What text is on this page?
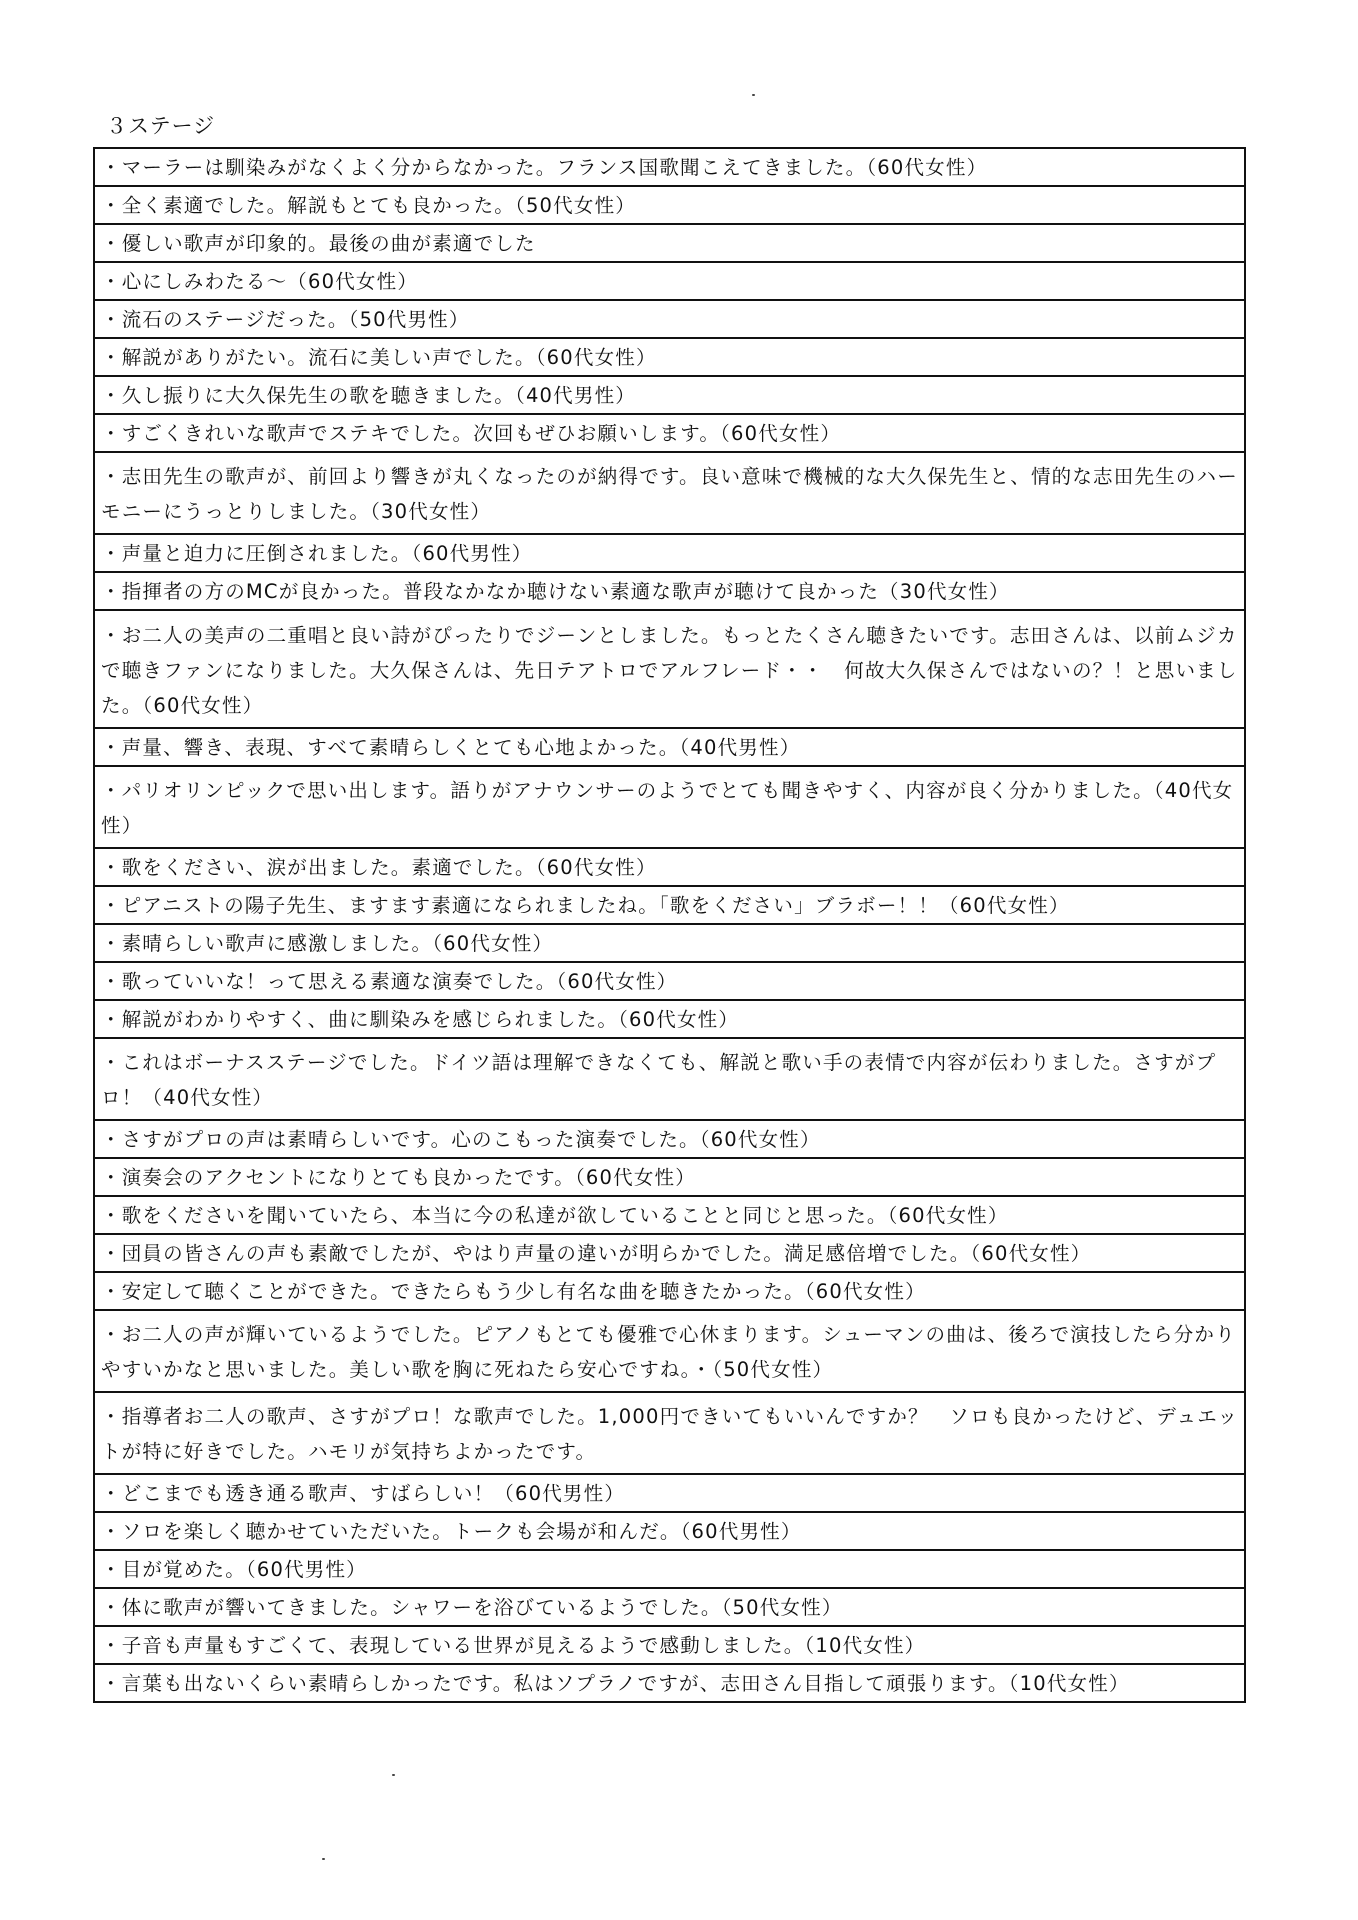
３ステージ
・マーラーは馴染みがなくよく分からなかった。フランス国歌聞こえてきました。（60代女性）
・全く素適でした。解説もとても良かった。（50代女性）
・優しい歌声が印象的。最後の曲が素適でした
・心にしみわたる～（60代女性）
・流石のステージだった。（50代男性）
・解説がありがたい。流石に美しい声でした。（60代女性）
・久し振りに大久保先生の歌を聴きました。（40代男性）
・すごくきれいな歌声でステキでした。次回もぜひお願いします。（60代女性）
・志田先生の歌声が、前回より響きが丸くなったのが納得です。良い意味で機械的な大久保先生と、情的な志田先生のハーモニーにうっとりしました。（30代女性）
・声量と迫力に圧倒されました。（60代男性）
・指揮者の方のMCが良かった。普段なかなか聴けない素適な歌声が聴けて良かった（30代女性）
・お二人の美声の二重唱と良い詩がぴったりでジーンとしました。もっとたくさん聴きたいです。志田さんは、以前ムジカで聴きファンになりました。大久保さんは、先日テアトロでアルフレード・・　何故大久保さんではないの？！と思いました。（60代女性）
・声量、響き、表現、すべて素晴らしくとても心地よかった。（40代男性）
・パリオリンピックで思い出します。語りがアナウンサーのようでとても聞きやすく、内容が良く分かりました。（40代女性）
・歌をください、涙が出ました。素適でした。（60代女性）
・ピアニストの陽子先生、ますます素適になられましたね。「歌をください」ブラボー！！（60代女性）
・素晴らしい歌声に感激しました。（60代女性）
・歌っていいな！って思える素適な演奏でした。（60代女性）
・解説がわかりやすく、曲に馴染みを感じられました。（60代女性）
・これはボーナスステージでした。ドイツ語は理解できなくても、解説と歌い手の表情で内容が伝わりました。さすがプロ！（40代女性）
・さすがプロの声は素晴らしいです。心のこもった演奏でした。（60代女性）
・演奏会のアクセントになりとても良かったです。（60代女性）
・歌をくださいを聞いていたら、本当に今の私達が欲していることと同じと思った。（60代女性）
・団員の皆さんの声も素敵でしたが、やはり声量の違いが明らかでした。満足感倍増でした。（60代女性）
・安定して聴くことができた。できたらもう少し有名な曲を聴きたかった。（60代女性）
・お二人の声が輝いているようでした。ピアノもとても優雅で心休まります。シューマンの曲は、後ろで演技したら分かりやすいかなと思いました。美しい歌を胸に死ねたら安心ですね。・（50代女性）
・指導者お二人の歌声、さすがプロ！な歌声でした。1,000円できいてもいいんですか？　ソロも良かったけど、デュエットが特に好きでした。ハモリが気持ちよかったです。
・どこまでも透き通る歌声、すばらしい！（60代男性）
・ソロを楽しく聴かせていただいた。トークも会場が和んだ。（60代男性）
・目が覚めた。（60代男性）
・体に歌声が響いてきました。シャワーを浴びているようでした。（50代女性）
・子音も声量もすごくて、表現している世界が見えるようで感動しました。（10代女性）
・言葉も出ないくらい素晴らしかったです。私はソプラノですが、志田さん目指して頑張ります。（10代女性）
